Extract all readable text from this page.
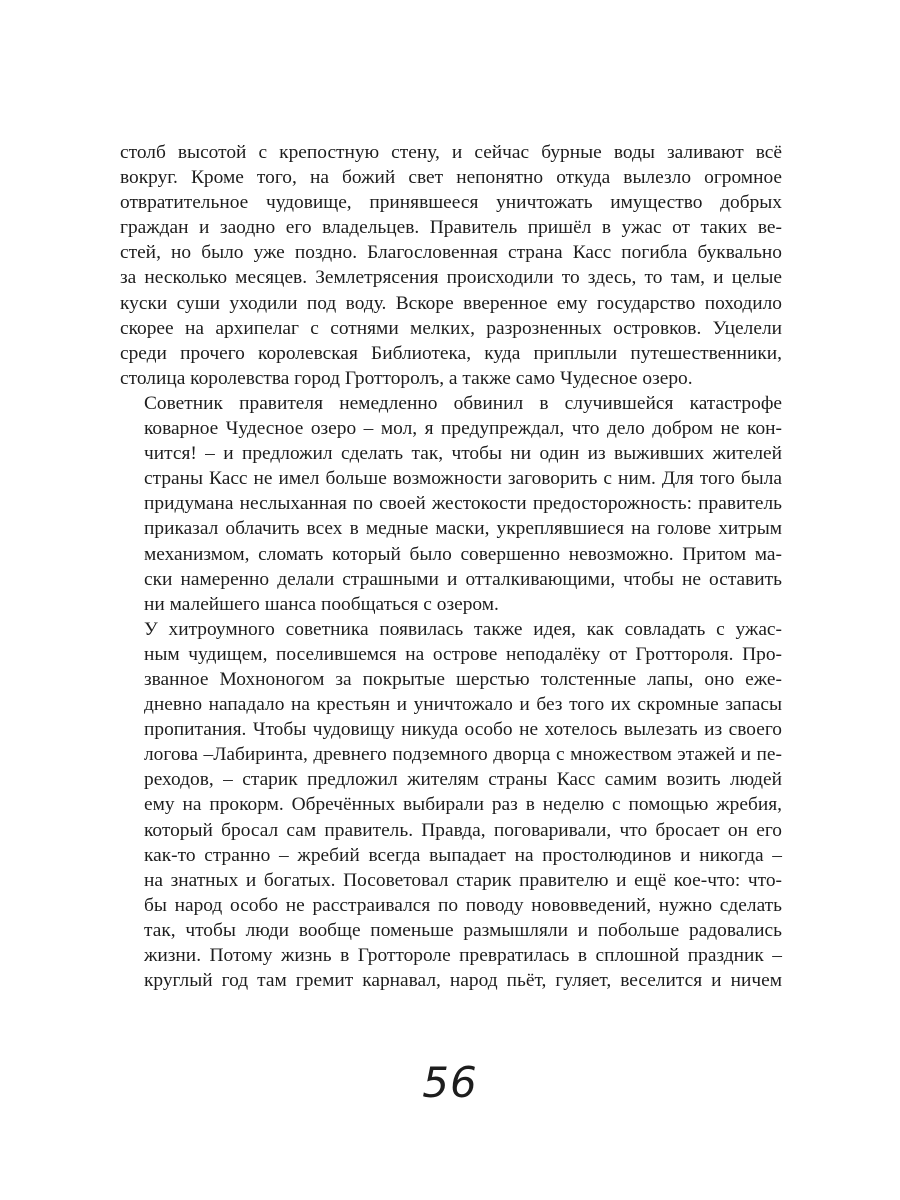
столб высотой с крепостную стену, и сейчас бурные воды заливают всё
вокруг. Кроме того, на божий свет непонятно откуда вылезло огромное
отвратительное чудовище, принявшееся уничтожать имущество добрых
граждан и заодно его владельцев. Правитель пришёл в ужас от таких ве-
стей, но было уже поздно. Благословенная страна Касс погибла буквально
за несколько месяцев. Землетрясения происходили то здесь, то там, и целые
куски суши уходили под воду. Вскоре вверенное ему государство походило
скорее на архипелаг с сотнями мелких, разрозненных островков. Уцелели
среди прочего королевская Библиотека, куда приплыли путешественники,
столица королевства город Гротторолъ, а также само Чудесное озеро.

Советник правителя немедленно обвинил в случившейся катастрофе
коварное Чудесное озеро – мол, я предупреждал, что дело добром не кон-
чится! – и предложил сделать так, чтобы ни один из выживших жителей
страны Касс не имел больше возможности заговорить с ним. Для того была
придумана неслыханная по своей жестокости предосторожность: правитель
приказал облачить всех в медные маски, укреплявшиеся на голове хитрым
механизмом, сломать который было совершенно невозможно. Притом ма-
ски намеренно делали страшными и отталкивающими, чтобы не оставить
ни малейшего шанса пообщаться с озером.

У хитроумного советника появилась также идея, как совладать с ужас-
ным чудищем, поселившемся на острове неподалёку от Гроттороля. Про-
званное Мохноногом за покрытые шерстью толстенные лапы, оно еже-
дневно нападало на крестьян и уничтожало и без того их скромные запасы
пропитания. Чтобы чудовищу никуда особо не хотелось вылезать из своего
логова –Лабиринта, древнего подземного дворца с множеством этажей и пе-
реходов, – старик предложил жителям страны Касс самим возить людей
ему на прокорм. Обречённых выбирали раз в неделю с помощью жребия,
который бросал сам правитель. Правда, поговаривали, что бросает он его
как-то странно – жребий всегда выпадает на простолюдинов и никогда –
на знатных и богатых. Посоветовал старик правителю и ещё кое-что: что-
бы народ особо не расстраивался по поводу нововведений, нужно сделать
так, чтобы люди вообще поменьше размышляли и побольше радовались
жизни. Потому жизнь в Гроттороле превратилась в сплошной праздник –
круглый год там гремит карнавал, народ пьёт, гуляет, веселится и ничем

56
